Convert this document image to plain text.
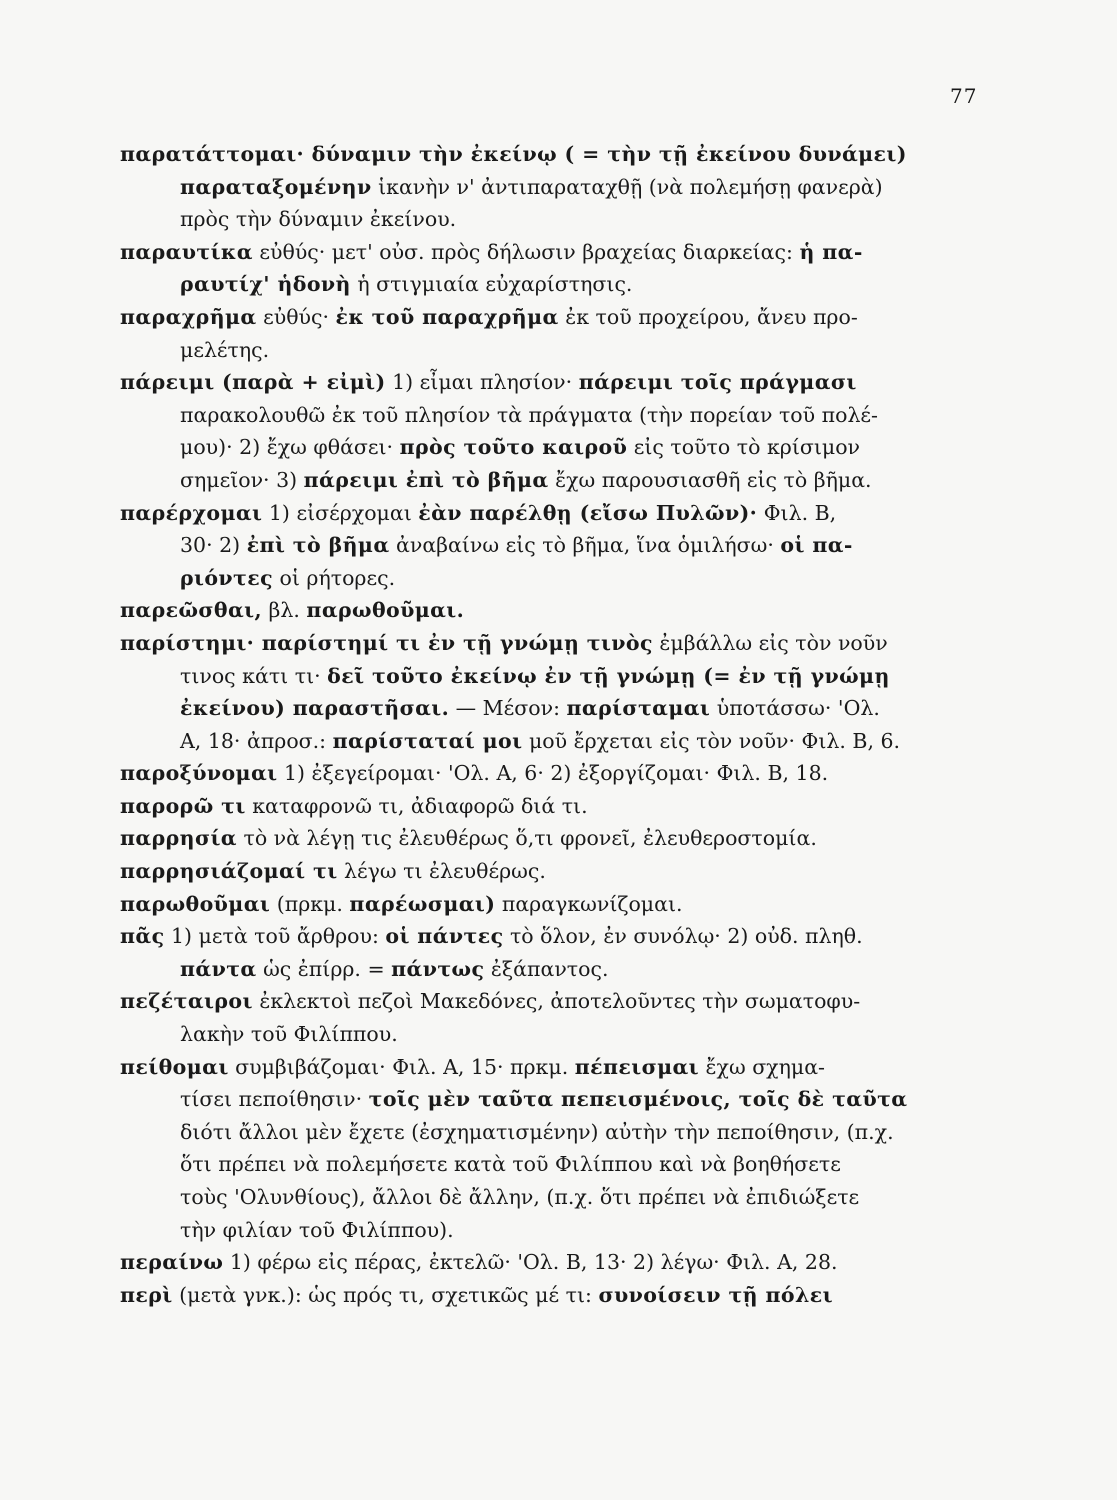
77
παρατάττομαι· δύναμιν τὴν ἐκείνῳ ( = τὴν τῇ ἐκείνου δυνάμει)
παραταξομένην ἱκανὴν ν' ἀντιπαραταχθῇ (νὰ πολεμήσῃ φανερὰ)
πρὸς τὴν δύναμιν ἐκείνου.
παραυτίκα εὐθύς· μετ' οὐσ. πρὸς δήλωσιν βραχείας διαρκείας: ἡ πα-
ραυτίχ' ἡδονὴ ἡ στιγμιαία εὐχαρίστησις.
παραχρῆμα εὐθύς· ἐκ τοῦ παραχρῆμα ἐκ τοῦ προχείρου, ἄνευ προ-
μελέτης.
πάρειμι (παρὰ + εἰμὶ) 1) εἶμαι πλησίον· πάρειμι τοῖς πράγμασι
παρακολουθῶ ἐκ τοῦ πλησίον τὰ πράγματα (τὴν πορείαν τοῦ πολέ-
μου)· 2) ἔχω φθάσει· πρὸς τοῦτο καιροῦ εἰς τοῦτο τὸ κρίσιμον
σημεῖον· 3) πάρειμι ἐπὶ τὸ βῆμα ἔχω παρουσιασθῆ εἰς τὸ βῆμα.
παρέρχομαι 1) εἰσέρχομαι ἐὰν παρέλθῃ (εἴσω Πυλῶν)· Φιλ. Β,
30· 2) ἐπὶ τὸ βῆμα ἀναβαίνω εἰς τὸ βῆμα, ἵνα ὁμιλήσω· οἱ πα-
ριόντες οἱ ρήτορες.
παρεῶσθαι, βλ. παρωθοῦμαι.
παρίστημι· παρίστημί τι ἐν τῇ γνώμῃ τινὸς ἐμβάλλω εἰς τὸν νοῦν
τινος κάτι τι· δεῖ τοῦτο ἐκείνῳ ἐν τῇ γνώμῃ (= ἐν τῇ γνώμῃ
ἐκείνου) παραστῆσαι. — Μέσον: παρίσταμαι ὑποτάσσω· 'Ολ.
Α, 18· ἀπροσ.: παρίσταταί μοι μοῦ ἔρχεται εἰς τὸν νοῦν· Φιλ. Β, 6.
παροξύνομαι 1) ἐξεγείρομαι· 'Ολ. Α, 6· 2) ἐξοργίζομαι· Φιλ. Β, 18.
παρορῶ τι καταφρονῶ τι, ἀδιαφορῶ διά τι.
παρρησία τὸ νὰ λέγῃ τις ἐλευθέρως ὅ,τι φρονεῖ, ἐλευθεροστομία.
παρρησιάζομαί τι λέγω τι ἐλευθέρως.
παρωθοῦμαι (πρκμ. παρέωσμαι) παραγκωνίζομαι.
πᾶς 1) μετὰ τοῦ ἄρθρου: οἱ πάντες τὸ ὅλον, ἐν συνόλῳ· 2) οὐδ. πληθ.
πάντα ὡς ἐπίρρ. = πάντως ἐξάπαντος.
πεζέταιροι ἐκλεκτοὶ πεζοὶ Μακεδόνες, ἀποτελοῦντες τὴν σωματοφυ-
λακὴν τοῦ Φιλίππου.
πείθομαι συμβιβάζομαι· Φιλ. Α, 15· πρκμ. πέπεισμαι ἔχω σχημα-
τίσει πεποίθησιν· τοῖς μὲν ταῦτα πεπεισμένοις, τοῖς δὲ ταῦτα
διότι ἄλλοι μὲν ἔχετε (ἐσχηματισμένην) αὐτὴν τὴν πεποίθησιν, (π.χ.
ὅτι πρέπει νὰ πολεμήσετε κατὰ τοῦ Φιλίππου καὶ νὰ βοηθήσετε
τοὺς 'Ολυνθίους), ἄλλοι δὲ ἄλλην, (π.χ. ὅτι πρέπει νὰ ἐπιδιώξετε
τὴν φιλίαν τοῦ Φιλίππου).
περαίνω 1) φέρω εἰς πέρας, ἐκτελῶ· 'Ολ. Β, 13· 2) λέγω· Φιλ. Α, 28.
περὶ (μετὰ γνκ.): ὡς πρός τι, σχετικῶς μέ τι: συνοίσειν τῇ πόλει
